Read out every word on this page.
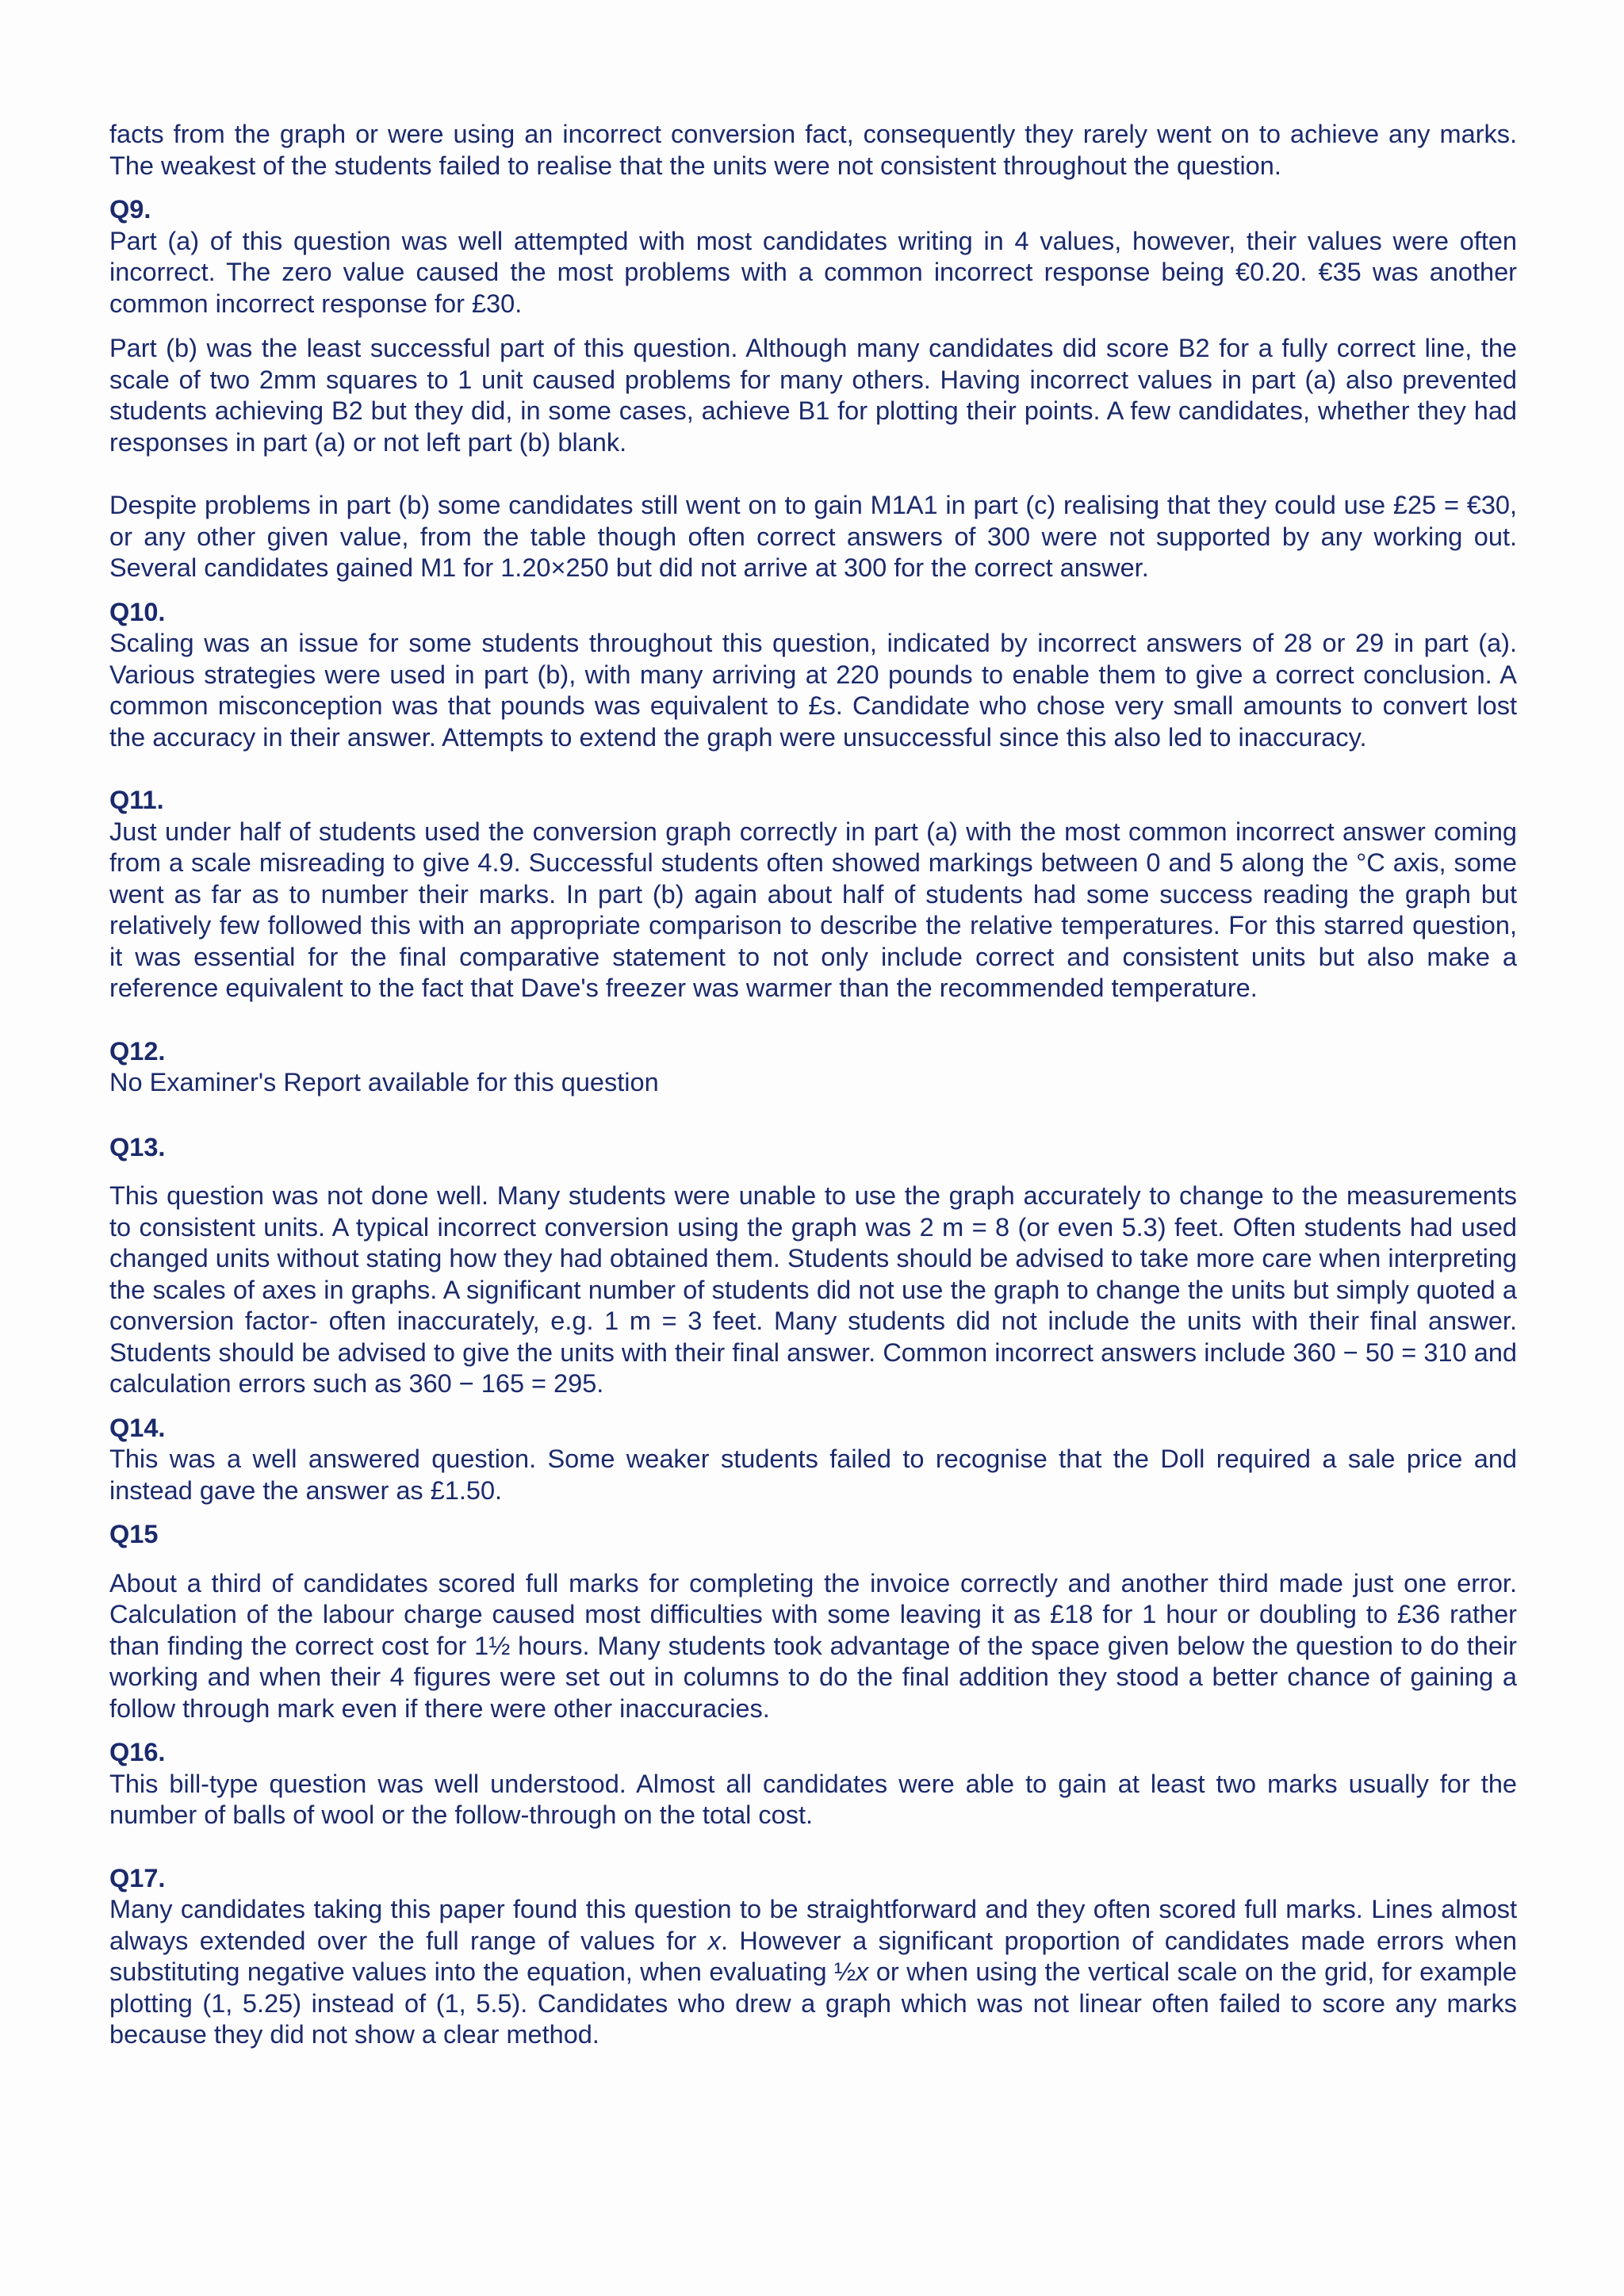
facts from the graph or were using an incorrect conversion fact, consequently they rarely went on to achieve any marks. The weakest of the students failed to realise that the units were not consistent throughout the question.

Q9.

Part (a) of this question was well attempted with most candidates writing in 4 values, however, their values were often incorrect. The zero value caused the most problems with a common incorrect response being €0.20. €35 was another common incorrect response for £30.

Part (b) was the least successful part of this question. Although many candidates did score B2 for a fully correct line, the scale of two 2mm squares to 1 unit caused problems for many others. Having incorrect values in part (a) also prevented students achieving B2 but they did, in some cases, achieve B1 for plotting their points. A few candidates, whether they had responses in part (a) or not left part (b) blank.

Despite problems in part (b) some candidates still went on to gain M1A1 in part (c) realising that they could use £25 = €30, or any other given value, from the table though often correct answers of 300 were not supported by any working out. Several candidates gained M1 for 1.20×250 but did not arrive at 300 for the correct answer.

Q10.

Scaling was an issue for some students throughout this question, indicated by incorrect answers of 28 or 29 in part (a). Various strategies were used in part (b), with many arriving at 220 pounds to enable them to give a correct conclusion. A common misconception was that pounds was equivalent to £s. Candidate who chose very small amounts to convert lost the accuracy in their answer. Attempts to extend the graph were unsuccessful since this also led to inaccuracy.

Q11.

Just under half of students used the conversion graph correctly in part (a) with the most common incorrect answer coming from a scale misreading to give 4.9. Successful students often showed markings between 0 and 5 along the °C axis, some went as far as to number their marks. In part (b) again about half of students had some success reading the graph but relatively few followed this with an appropriate comparison to describe the relative temperatures. For this starred question, it was essential for the final comparative statement to not only include correct and consistent units but also make a reference equivalent to the fact that Dave's freezer was warmer than the recommended temperature.

Q12.

No Examiner's Report available for this question

Q13.

This question was not done well. Many students were unable to use the graph accurately to change to the measurements to consistent units. A typical incorrect conversion using the graph was 2 m = 8 (or even 5.3) feet. Often students had used changed units without stating how they had obtained them. Students should be advised to take more care when interpreting the scales of axes in graphs. A significant number of students did not use the graph to change the units but simply quoted a conversion factor- often inaccurately, e.g. 1 m = 3 feet. Many students did not include the units with their final answer. Students should be advised to give the units with their final answer. Common incorrect answers include 360 − 50 = 310 and calculation errors such as 360 − 165 = 295.

Q14.

This was a well answered question. Some weaker students failed to recognise that the Doll required a sale price and instead gave the answer as £1.50.

Q15

About a third of candidates scored full marks for completing the invoice correctly and another third made just one error. Calculation of the labour charge caused most difficulties with some leaving it as £18 for 1 hour or doubling to £36 rather than finding the correct cost for 1½ hours. Many students took advantage of the space given below the question to do their working and when their 4 figures were set out in columns to do the final addition they stood a better chance of gaining a follow through mark even if there were other inaccuracies.

Q16.

This bill-type question was well understood. Almost all candidates were able to gain at least two marks usually for the number of balls of wool or the follow-through on the total cost.

Q17.

Many candidates taking this paper found this question to be straightforward and they often scored full marks. Lines almost always extended over the full range of values for x. However a significant proportion of candidates made errors when substituting negative values into the equation, when evaluating ½x or when using the vertical scale on the grid, for example plotting (1, 5.25) instead of (1, 5.5). Candidates who drew a graph which was not linear often failed to score any marks because they did not show a clear method.
